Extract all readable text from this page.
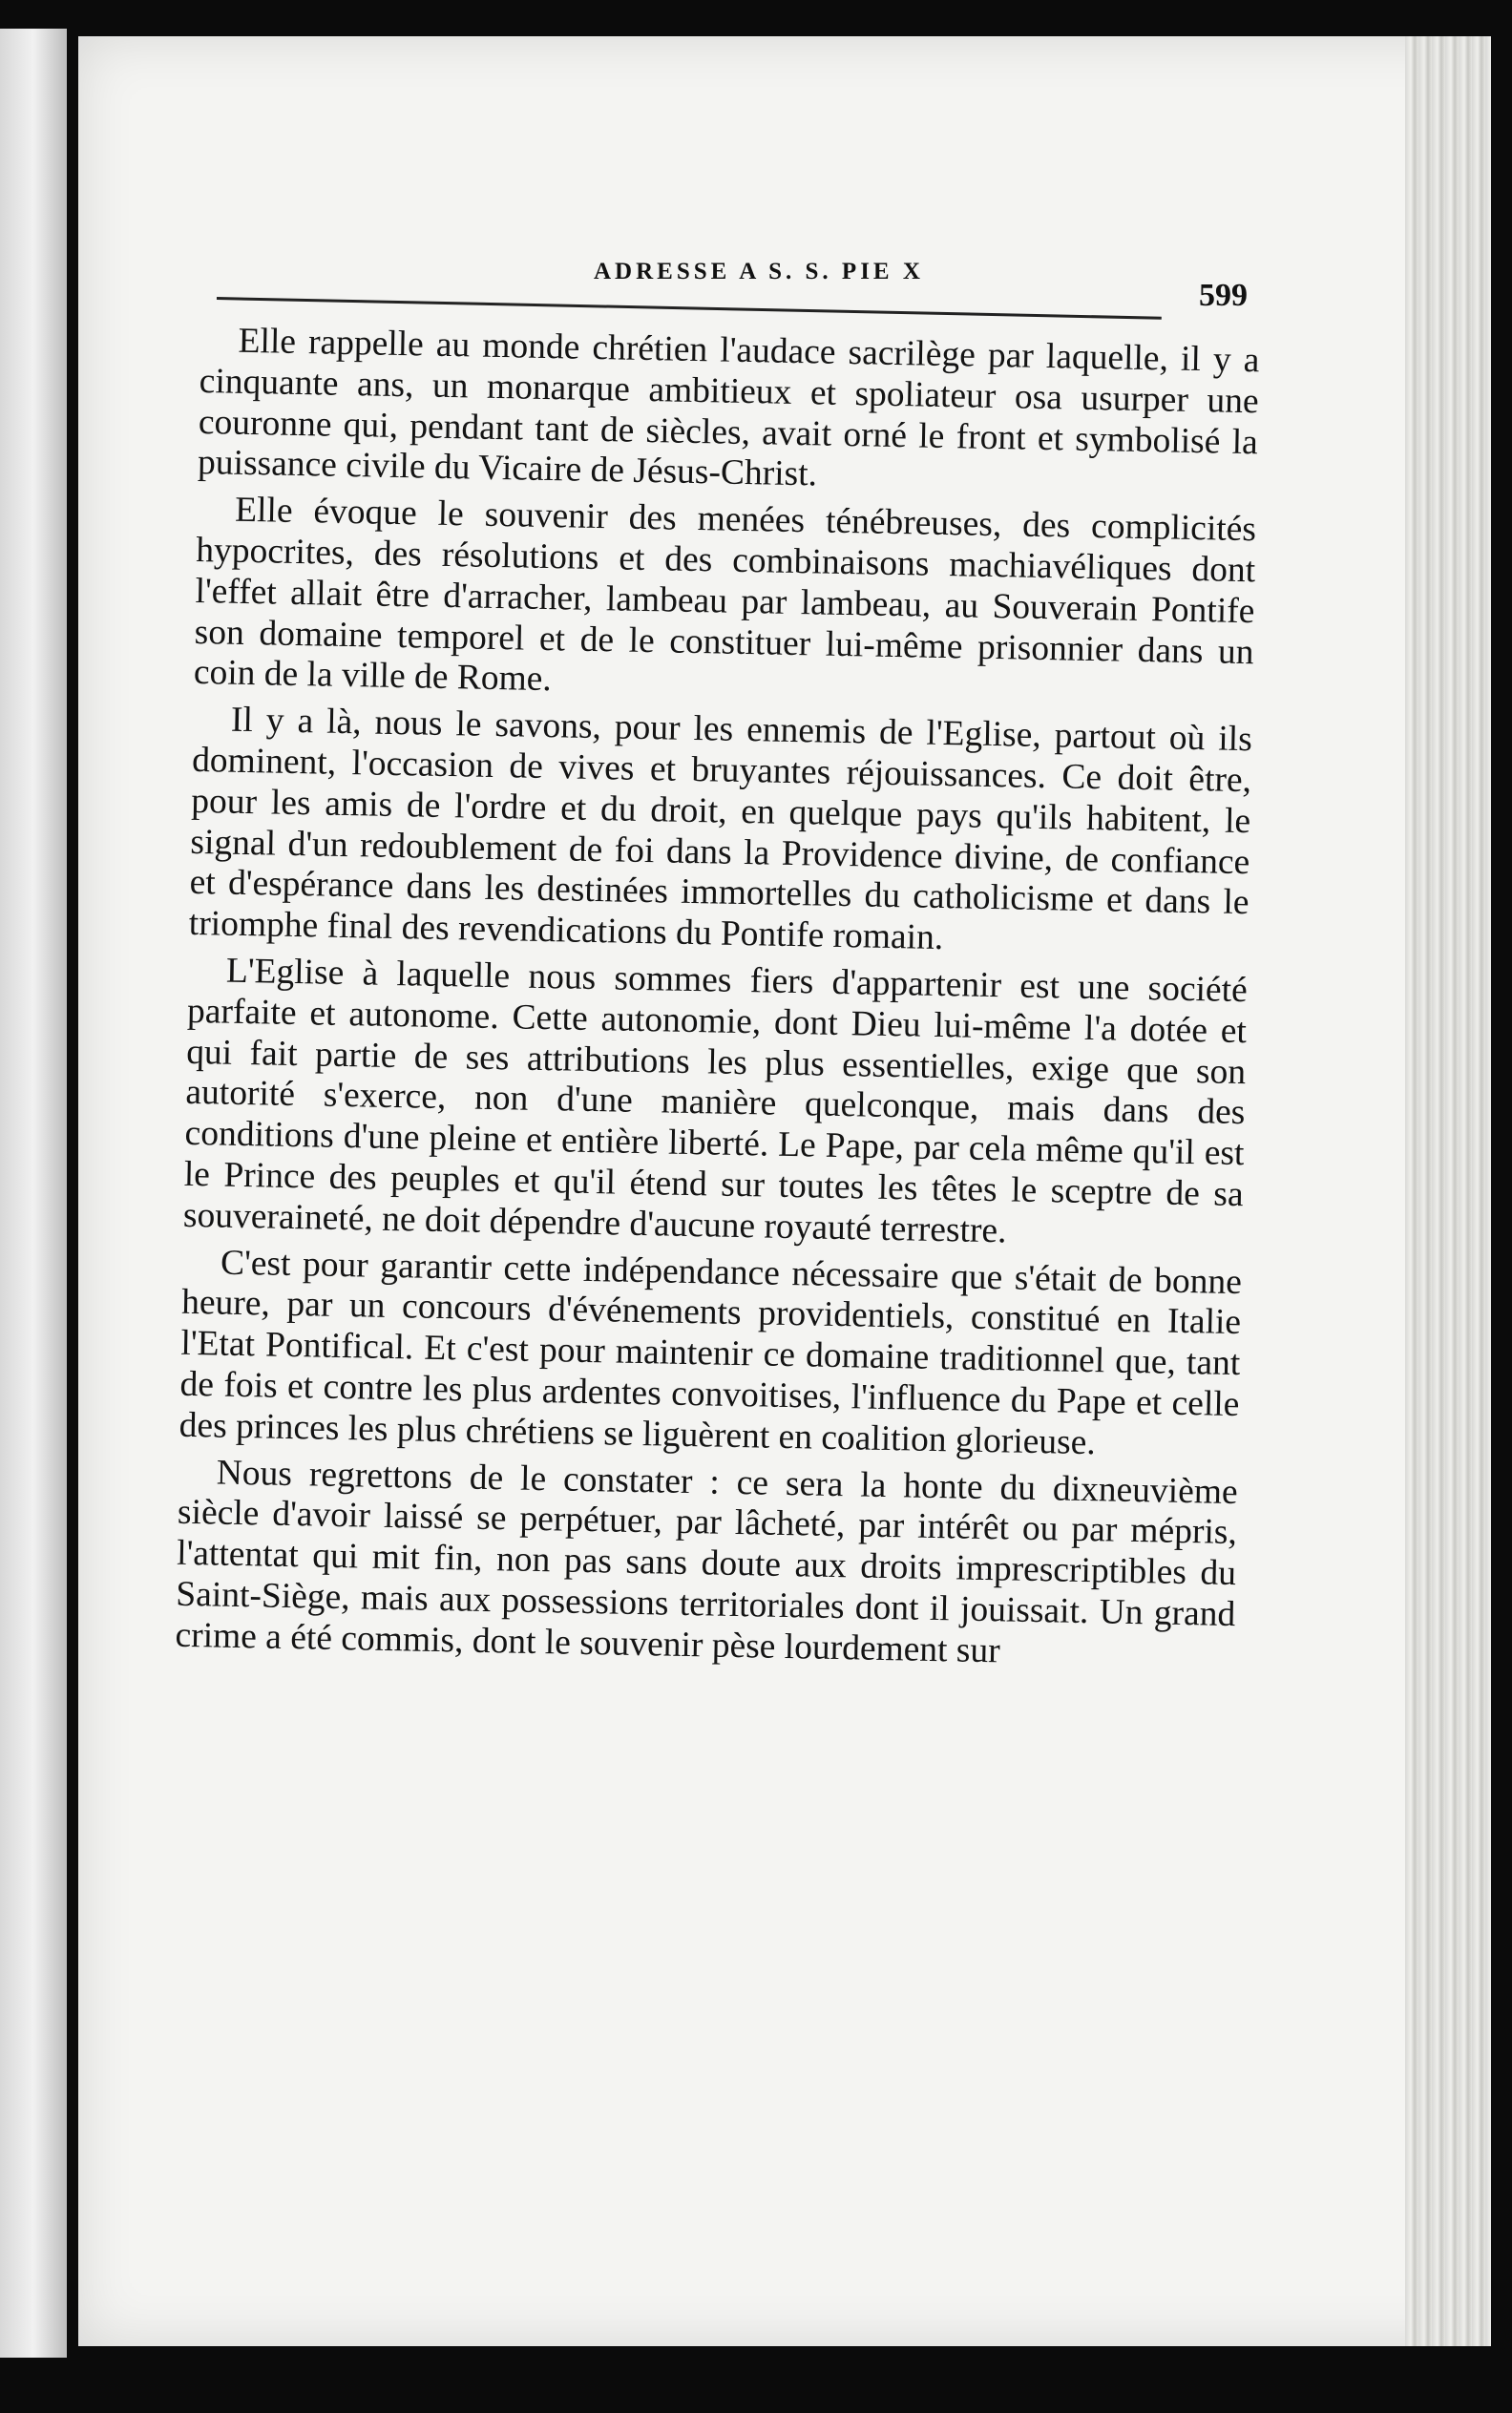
ADRESSE A S. S. PIE X
599

Elle rappelle au monde chrétien l'audace sacrilège par laquelle, il y a cinquante ans, un monarque ambitieux et spoliateur osa usurper une couronne qui, pendant tant de siècles, avait orné le front et symbolisé la puissance civile du Vicaire de Jésus-Christ.

Elle évoque le souvenir des menées ténébreuses, des complicités hypocrites, des résolutions et des combinaisons machiavéliques dont l'effet allait être d'arracher, lambeau par lambeau, au Souverain Pontife son domaine temporel et de le constituer lui-même prisonnier dans un coin de la ville de Rome.

Il y a là, nous le savons, pour les ennemis de l'Eglise, partout où ils dominent, l'occasion de vives et bruyantes réjouissances. Ce doit être, pour les amis de l'ordre et du droit, en quelque pays qu'ils habitent, le signal d'un redoublement de foi dans la Providence divine, de confiance et d'espérance dans les destinées immortelles du catholicisme et dans le triomphe final des revendications du Pontife romain.

L'Eglise à laquelle nous sommes fiers d'appartenir est une société parfaite et autonome. Cette autonomie, dont Dieu lui-même l'a dotée et qui fait partie de ses attributions les plus essentielles, exige que son autorité s'exerce, non d'une manière quelconque, mais dans des conditions d'une pleine et entière liberté. Le Pape, par cela même qu'il est le Prince des peuples et qu'il étend sur toutes les têtes le sceptre de sa souveraineté, ne doit dépendre d'aucune royauté terrestre.

C'est pour garantir cette indépendance nécessaire que s'était de bonne heure, par un concours d'événements providentiels, constitué en Italie l'Etat Pontifical. Et c'est pour maintenir ce domaine traditionnel que, tant de fois et contre les plus ardentes convoitises, l'influence du Pape et celle des princes les plus chrétiens se liguèrent en coalition glorieuse.

Nous regrettons de le constater : ce sera la honte du dixneuvième siècle d'avoir laissé se perpétuer, par lâcheté, par intérêt ou par mépris, l'attentat qui mit fin, non pas sans doute aux droits imprescriptibles du Saint-Siège, mais aux possessions territoriales dont il jouissait. Un grand crime a été commis, dont le souvenir pèse lourdement sur
